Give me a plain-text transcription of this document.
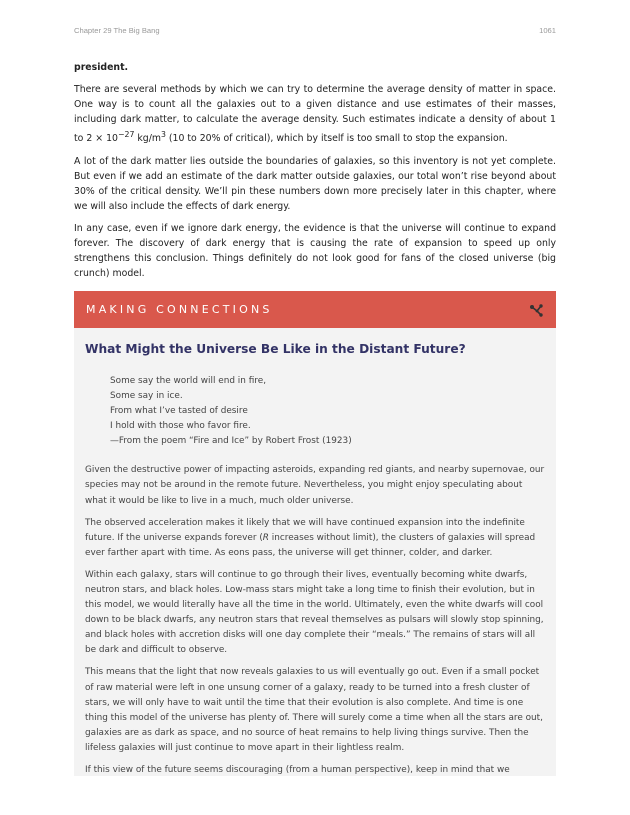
Chapter 29 The Big Bang	1061

president.

There are several methods by which we can try to determine the average density of matter in space. One way is to count all the galaxies out to a given distance and use estimates of their masses, including dark matter, to calculate the average density. Such estimates indicate a density of about 1 to $2 \times 10^{-27}$ $kg/m^3$ (10 to 20% of critical), which by itself is too small to stop the expansion.

A lot of the dark matter lies outside the boundaries of galaxies, so this inventory is not yet complete. But even if we add an estimate of the dark matter outside galaxies, our total won’t rise beyond about 30% of the critical density. We’ll pin these numbers down more precisely later in this chapter, where we will also include the effects of dark energy.

In any case, even if we ignore dark energy, the evidence is that the universe will continue to expand forever. The discovery of dark energy that is causing the rate of expansion to speed up only strengthens this conclusion. Things definitely do not look good for fans of the closed universe (big crunch) model.

MAKING CONNECTIONS
What Might the Universe Be Like in the Distant Future?
Some say the world will end in fire,
Some say in ice.
From what I’ve tasted of desire
I hold with those who favor fire.
—From the poem “Fire and Ice” by Robert Frost (1923)

Given the destructive power of impacting asteroids, expanding red giants, and nearby supernovae, our species may not be around in the remote future. Nevertheless, you might enjoy speculating about what it would be like to live in a much, much older universe.

The observed acceleration makes it likely that we will have continued expansion into the indefinite future. If the universe expands forever (R increases without limit), the clusters of galaxies will spread ever farther apart with time. As eons pass, the universe will get thinner, colder, and darker.

Within each galaxy, stars will continue to go through their lives, eventually becoming white dwarfs, neutron stars, and black holes. Low-mass stars might take a long time to finish their evolution, but in this model, we would literally have all the time in the world. Ultimately, even the white dwarfs will cool down to be black dwarfs, any neutron stars that reveal themselves as pulsars will slowly stop spinning, and black holes with accretion disks will one day complete their “meals.” The remains of stars will all be dark and difficult to observe.

This means that the light that now reveals galaxies to us will eventually go out. Even if a small pocket of raw material were left in one unsung corner of a galaxy, ready to be turned into a fresh cluster of stars, we will only have to wait until the time that their evolution is also complete. And time is one thing this model of the universe has plenty of. There will surely come a time when all the stars are out, galaxies are as dark as space, and no source of heat remains to help living things survive. Then the lifeless galaxies will just continue to move apart in their lightless realm.

If this view of the future seems discouraging (from a human perspective), keep in mind that we
